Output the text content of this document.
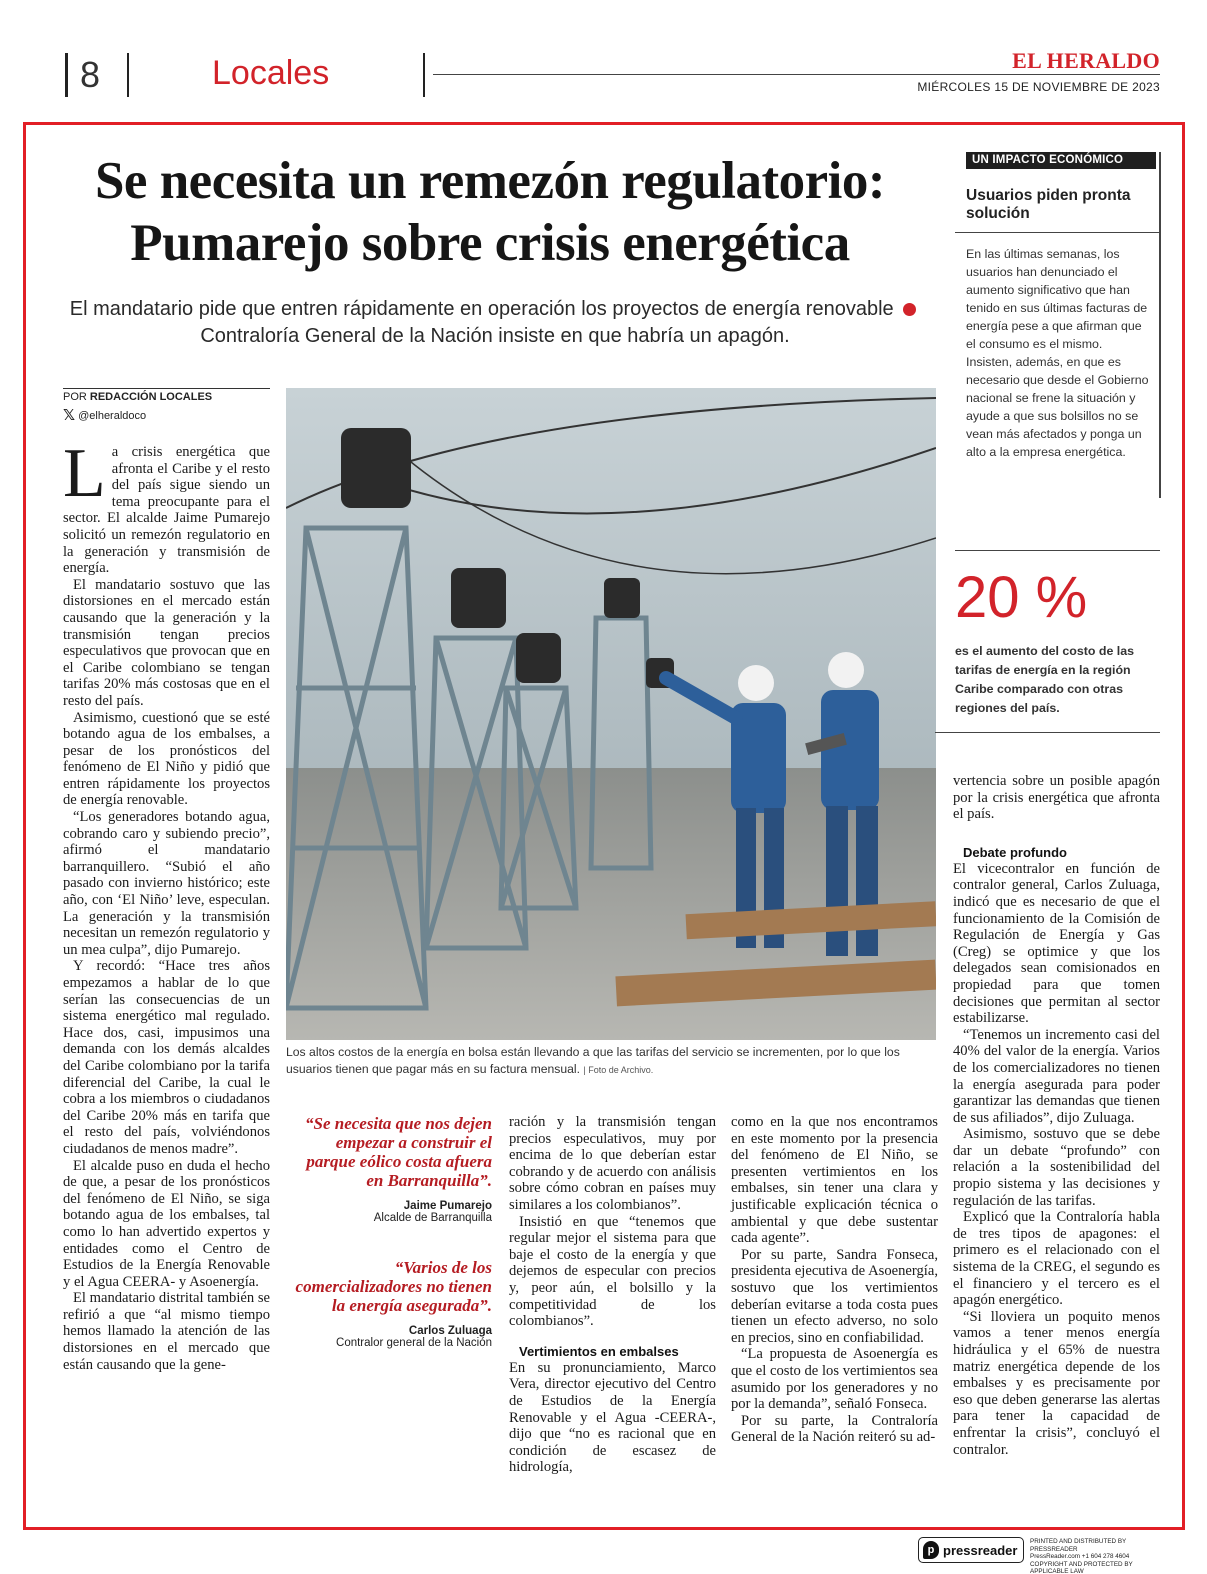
8	Locales	EL HERALDO
MIÉRCOLES 15 DE NOVIEMBRE DE 2023
Se necesita un remezón regulatorio:
Pumarejo sobre crisis energética
El mandatario pide que entren rápidamente en operación los proyectos de energía renovable  Contraloría General de la Nación insiste en que habría un apagón.
POR REDACCIÓN LOCALES
𝕏 @elheraldoco

La crisis energética que afronta el Caribe y el resto del país sigue siendo un tema preocupante para el sector. El alcalde Jaime Pumarejo solicitó un remezón regulatorio en la generación y transmisión de energía.

El mandatario sostuvo que las distorsiones en el mercado están causando que la generación y la transmisión tengan precios especulativos que provocan que en el Caribe colombiano se tengan tarifas 20% más costosas que en el resto del país.

Asimismo, cuestionó que se esté botando agua de los embalses, a pesar de los pronósticos del fenómeno de El Niño y pidió que entren rápidamente los proyectos de energía renovable.

“Los generadores botando agua, cobrando caro y subiendo precio”, afirmó el mandatario barranquillero. “Subió el año pasado con invierno histórico; este año, con ‘El Niño’ leve, especulan. La generación y la transmisión necesitan un remezón regulatorio y un mea culpa”, dijo Pumarejo.

Y recordó: “Hace tres años empezamos a hablar de lo que serían las consecuencias de un sistema energético mal regulado. Hace dos, casi, impusimos una demanda con los demás alcaldes del Caribe colombiano por la tarifa diferencial del Caribe, la cual le cobra a los miembros o ciudadanos del Caribe 20% más en tarifa que el resto del país, volviéndonos ciudadanos de menos madre”.

El alcalde puso en duda el hecho de que, a pesar de los pronósticos del fenómeno de El Niño, se siga botando agua de los embalses, tal como lo han advertido expertos y entidades como el Centro de Estudios de la Energía Renovable y el Agua CEERA- y Asoenergía.

El mandatario distrital también se refirió a que “al mismo tiempo hemos llamado la atención de las distorsiones en el mercado que están causando que la gene-

Los altos costos de la energía en bolsa están llevando a que las tarifas del servicio se incrementen, por lo que los usuarios tienen que pagar más en su factura mensual. | Foto de Archivo.
“Se necesita que nos dejen empezar a construir el parque eólico costa afuera en Barranquilla”.
Jaime Pumarejo
Alcalde de Barranquilla
“Varios de los comercializadores no tienen la energía asegurada”.
Carlos Zuluaga
Contralor general de la Nación

ración y la transmisión tengan precios especulativos, muy por encima de lo que deberían estar cobrando y de acuerdo con análisis sobre cómo cobran en países muy similares a los colombianos”.

Insistió en que “tenemos que regular mejor el sistema para que baje el costo de la energía y que dejemos de especular con precios y, peor aún, el bolsillo y la competitividad de los colombianos”.

Vertimientos en embalses

En su pronunciamiento, Marco Vera, director ejecutivo del Centro de Estudios de la Energía Renovable y el Agua -CEERA-, dijo que “no es racional que en condición de escasez de hidrología,

como en la que nos encontramos en este momento por la presencia del fenómeno de El Niño, se presenten vertimientos en los embalses, sin tener una clara y justificable explicación técnica o ambiental y que debe sustentar cada agente”.

Por su parte, Sandra Fonseca, presidenta ejecutiva de Asoenergía, sostuvo que los vertimientos deberían evitarse a toda costa pues tienen un efecto adverso, no solo en precios, sino en confiabilidad.

“La propuesta de Asoenergía es que el costo de los vertimientos sea asumido por los generadores y no por la demanda”, señaló Fonseca.

Por su parte, la Contraloría General de la Nación reiteró su ad-

vertencia sobre un posible apagón por la crisis energética que afronta el país.

Debate profundo

El vicecontralor en función de contralor general, Carlos Zuluaga, indicó que es necesario de que el funcionamiento de la Comisión de Regulación de Energía y Gas (Creg) se optimice y que los delegados sean comisionados en propiedad para que tomen decisiones que permitan al sector estabilizarse.

“Tenemos un incremento casi del 40% del valor de la energía. Varios de los comercializadores no tienen la energía asegurada para poder garantizar las demandas que tienen de sus afiliados”, dijo Zuluaga.

Asimismo, sostuvo que se debe dar un debate “profundo” con relación a la sostenibilidad del propio sistema y las decisiones y regulación de las tarifas.

Explicó que la Contraloría habla de tres tipos de apagones: el primero es el relacionado con el sistema de la CREG, el segundo es el financiero y el tercero es el apagón energético.

“Si lloviera un poquito menos vamos a tener menos energía hidráulica y el 65% de nuestra matriz energética depende de los embalses y es precisamente por eso que deben generarse las alertas para tener la capacidad de enfrentar la crisis”, concluyó el contralor.

UN IMPACTO ECONÓMICO
Usuarios piden pronta solución

En las últimas semanas, los usuarios han denunciado el aumento significativo que han tenido en sus últimas facturas de energía pese a que afirman que el consumo es el mismo.

Insisten, además, en que es necesario que desde el Gobierno nacional se frene la situación y ayude a que sus bolsillos no se vean más afectados y ponga un alto a la empresa energética.

20 %
es el aumento del costo de las tarifas de energía en la región Caribe comparado con otras regiones del país.
p pressreader
PRINTED AND DISTRIBUTED BY PRESSREADER
PressReader.com +1 604 278 4604
COPYRIGHT AND PROTECTED BY APPLICABLE LAW
